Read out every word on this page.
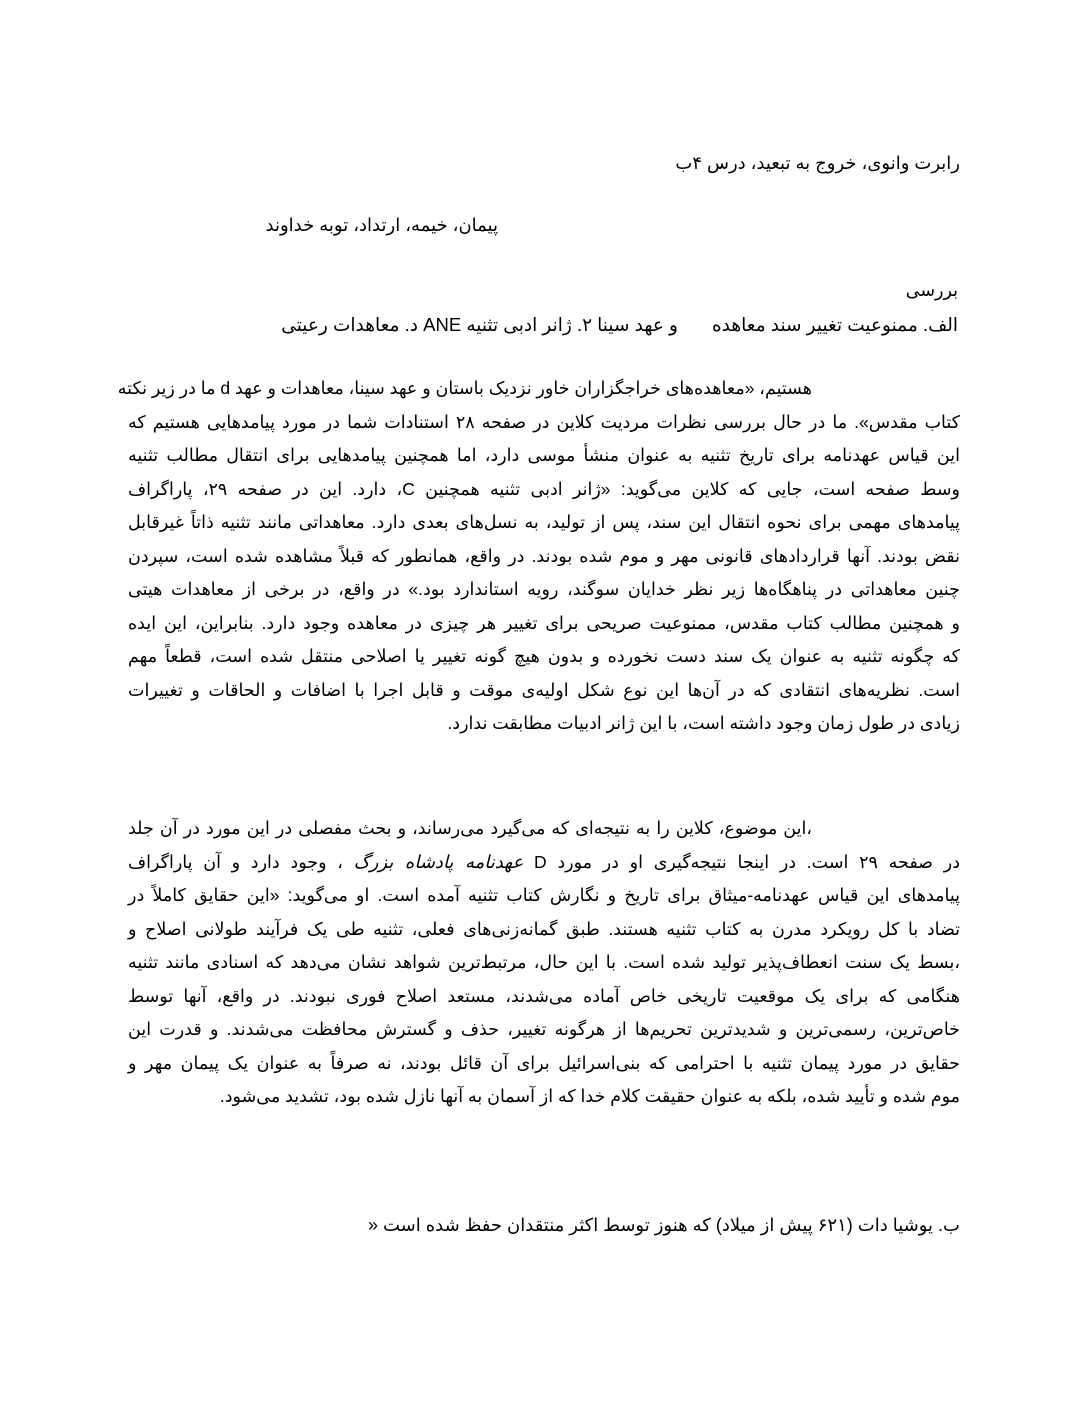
رابرت وانوی، خروج به تبعید، درس ۴ب
پیمان، خیمه، ارتداد، توبه خداوند
بررسی
الف. ممنوعیت تغییر سند معاهدهو عهد سینا ۲. ژانر ادبی تثنیه ANE د. معاهدات رعیتی
هستیم، «معاهده‌های خراجگزاران خاور نزدیک باستان و عهد سینا، معاهدات و عهد d ما در زیر نکته
کتاب مقدس». ما در حال بررسی نظرات مردیت کلاین در صفحه ۲۸ استنادات شما در مورد پیامدهایی هستیم که
این قیاس عهدنامه برای تاریخ تثنیه به عنوان منشأ موسی دارد، اما همچنین پیامدهایی برای انتقال مطالب تثنیه
وسط صفحه است، جایی که کلاین می‌گوید: «ژانر ادبی تثنیه همچنین C، دارد. این در صفحه ۲۹، پاراگراف
پیامدهای مهمی برای نحوه انتقال این سند، پس از تولید، به نسل‌های بعدی دارد. معاهداتی مانند تثنیه ذاتاً غیرقابل
نقض بودند. آنها قراردادهای قانونی مهر و موم شده بودند. در واقع، همانطور که قبلاً مشاهده شده است، سپردن
چنین معاهداتی در پناهگاه‌ها زیر نظر خدایان سوگند، رویه استاندارد بود.» در واقع، در برخی از معاهدات هیتی
و همچنین مطالب کتاب مقدس، ممنوعیت صریحی برای تغییر هر چیزی در معاهده وجود دارد. بنابراین، این ایده
که چگونه تثنیه به عنوان یک سند دست نخورده و بدون هیچ گونه تغییر یا اصلاحی منتقل شده است، قطعاً مهم
است. نظریه‌های انتقادی که در آن‌ها این نوع شکل اولیه‌ی موقت و قابل اجرا با اضافات و الحاقات و تغییرات
زیادی در طول زمان وجود داشته است، با این ژانر ادبیات مطابقت ندارد.
،این موضوع، کلاین را به نتیجه‌ای که می‌گیرد می‌رساند، و بحث مفصلی در این مورد در آن جلد
در صفحه ۲۹ است. در اینجا نتیجه‌گیری او در مورد D عهدنامه پادشاه بزرگ ، وجود دارد و آن پاراگراف
پیامدهای این قیاس عهدنامه-میثاق برای تاریخ و نگارش کتاب تثنیه آمده است. او می‌گوید: «این حقایق کاملاً در
تضاد با کل رویکرد مدرن به کتاب تثنیه هستند. طبق گمانه‌زنی‌های فعلی، تثنیه طی یک فرآیند طولانی اصلاح و
،بسط یک سنت انعطاف‌پذیر تولید شده است. با این حال، مرتبط‌ترین شواهد نشان می‌دهد که اسنادی مانند تثنیه
هنگامی که برای یک موقعیت تاریخی خاص آماده می‌شدند، مستعد اصلاح فوری نبودند. در واقع، آنها توسط
خاص‌ترین، رسمی‌ترین و شدیدترین تحریم‌ها از هرگونه تغییر، حذف و گسترش محافظت می‌شدند. و قدرت این
حقایق در مورد پیمان تثنیه با احترامی که بنی‌اسرائیل برای آن قائل بودند، نه صرفاً به عنوان یک پیمان مهر و
موم شده و تأیید شده، بلکه به عنوان حقیقت کلام خدا که از آسمان به آنها نازل شده بود، تشدید می‌شود.
ب. یوشیا دات (۶۲۱ پیش از میلاد) که هنوز توسط اکثر منتقدان حفظ شده است «
